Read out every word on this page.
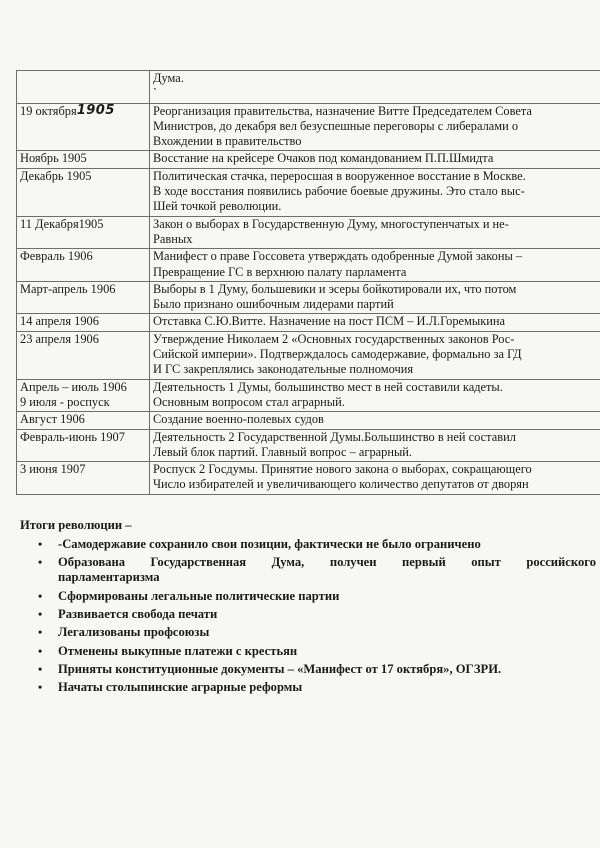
	Дума.
`

19 октября1905	Реорганизация правительства, назначение Витте Председателем Совета
Министров, до декабря вел безуспешные переговоры с либералами о
Вхождении в правительство

Ноябрь 1905	Восстание на крейсере Очаков под командованием П.П.Шмидта

Декабрь 1905	Политическая стачка, переросшая в вооруженное восстание в Москве.
В ходе восстания появились рабочие боевые дружины. Это стало выс-
Шей точкой революции.

11 Декабря1905	Закон о выборах в Государственную Думу, многоступенчатых и не-
Равных

Февраль 1906	Манифест о праве Госсовета утверждать одобренные Думой законы –
Превращение ГС в верхнюю палату парламента

Март-апрель 1906	Выборы в 1 Думу, большевики и эсеры бойкотировали их, что потом
Было признано ошибочным лидерами партий

14 апреля 1906	Отставка С.Ю.Витте. Назначение на пост ПСМ – И.Л.Горемыкина

23 апреля 1906	Утверждение Николаем 2 «Основных государственных законов Рос-
Сийской империи». Подтверждалось самодержавие, формально за ГД
И ГС закреплялись законодательные полномочия

Апрель – июль 1906
9 июля - роспуск	Деятельность 1 Думы, большинство мест в ней составили кадеты.
Основным вопросом стал аграрный.

Август 1906	Создание военно-полевых судов

Февраль-июнь 1907	Деятельность 2 Государственной Думы.Большинство в ней составил
Левый блок партий. Главный вопрос – аграрный.

3 июня 1907	Роспуск 2 Госдумы. Принятие нового закона о выборах, сокращающего
Число избирателей и увеличивающего количество депутатов от дворян
Итоги революции –
• -Самодержавие сохранило свои позиции, фактически не было ограничено
• Образована Государственная Дума, получен первый опыт российского
парламентаризма
• Сформированы легальные политические партии
• Развивается свобода печати
• Легализованы профсоюзы
• Отменены выкупные платежи с крестьян
• Приняты конституционные документы – «Манифест от 17 октября», ОГЗРИ.
• Начаты столыпинские аграрные реформы
